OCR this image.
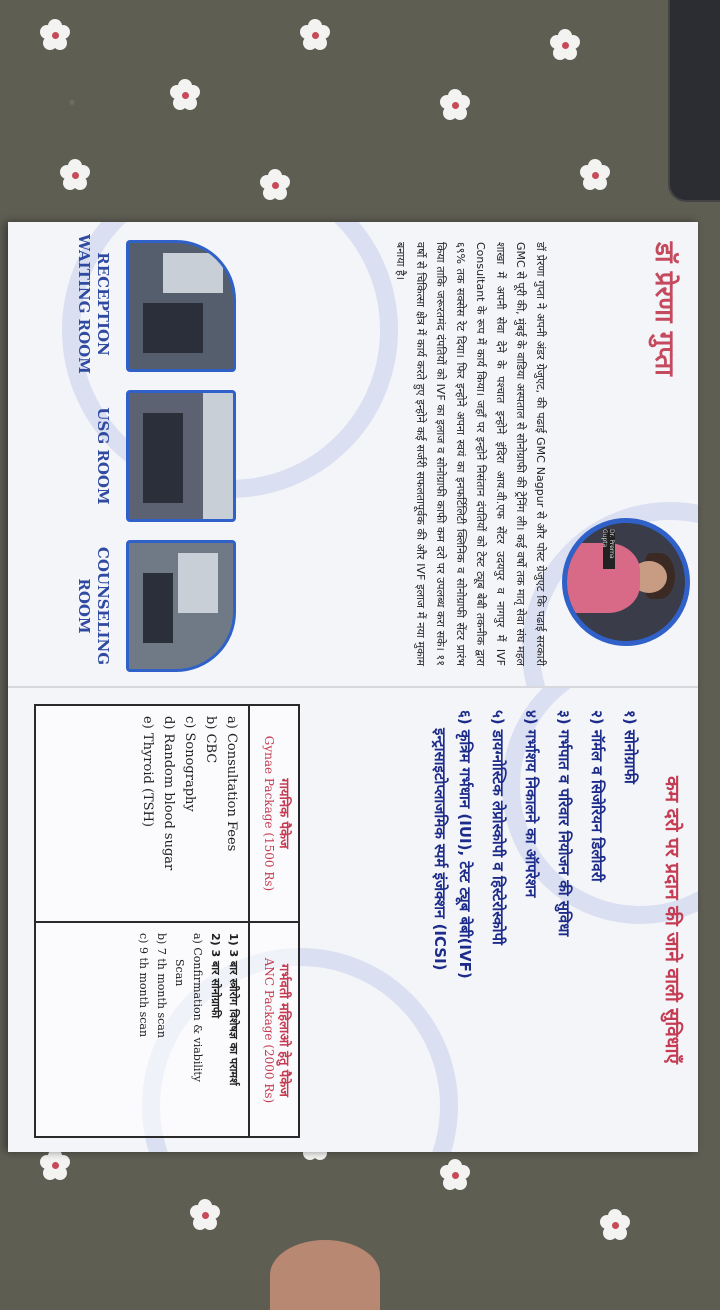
डॉ प्रेरणा गुप्ता
Dr. Prerna Gupta
डॉ प्रेरणा गुप्ता ने अपनी अंडर ग्रेजुएट, की पढाई GMC Nagpur से और पोस्ट ग्रेजुएट कि पढाई सरकारी GMC से पूरी की, मुंबई के वाडिया अस्पताल से सोनोग्राफी की ट्रेनिंग ली। कई वर्षो तक मातृ सेवा संघ महल शाखा में अपनी सेवा देने के पश्चात इन्होने इंदिरा आय.वी.एफ सेंटर उदयपुर व नागपुर में IVF Consultant के रूप में कार्य किया। जहाँ पर इन्होने निसंतान दंपतियों को टेस्ट ट्यूब बेबी तकनीक द्वारा ६९% तक सक्सेस रेट दिया। फिर इन्होने अपना स्वयं का इनफर्टिलिटी क्लिनिक व सोनोग्राफी सेंटर प्रारंभ किया ताकि जरूरतमंद दंपतियों को IVF का इलाज व सोनोग्राफी काफी कम दरो पर उपलब्ध करा सके। ११ वर्षो से चिकित्सा क्षेत्र में कार्य करते हुए इन्होने कई सर्जरी सफलतापूर्वक की और IVF इलाज में नया मुकाम बनाया है।
RECEPTION
WAITING ROOM
USG ROOM
COUNSELING
ROOM
कम दरो पर प्रदान की जाने वाली सुविधाएँ
१) सोनोग्राफी
२) नॉर्मल व सिजेरियन डिलीवरी
३) गर्भपात व परिवार नियोजन की सुविधा
४) गर्भाशय निकालने का ऑपरेशन
५) डायग्नोस्टिक लेप्रोस्कोपी व हिस्टेरोस्कोपी
६) कृत्रिम गर्भधान (IUI), टेस्ट ट्यूब बेबी(IVF)
इन्ट्रासाइटोप्लाजमिक स्पर्म इंजेक्शन (ICSI)
गायनिक पैकेज
Gynae Package (1500 Rs)
a) Consultation Fees
b) CBC
c) Sonography
d) Random blood sugar
e) Thyroid (TSH)
गर्भवती महिलाओ हेतु पैकेज
ANC Package (2000 Rs)
1) 3 बार स्त्रीरोग विशेषज्ञ का परामर्श
2) 3 बार सोनोग्राफी
a) Confirmation & viability
Scan
b) 7 th month scan
c) 9 th month scan
